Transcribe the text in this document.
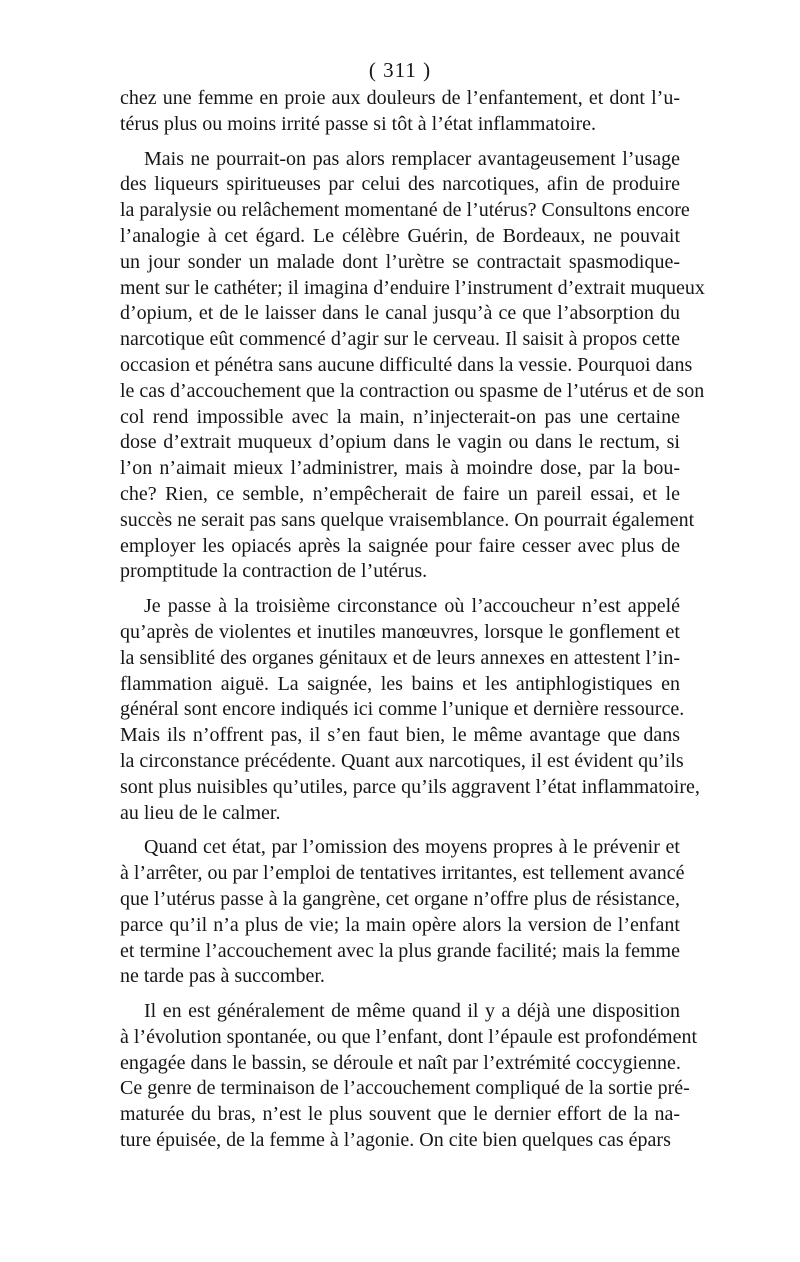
( 311 )
chez une femme en proie aux douleurs de l’enfantement, et dont l’u-
térus plus ou moins irrité passe si tôt à l’état inflammatoire.
Mais ne pourrait-on pas alors remplacer avantageusement l’usage
des liqueurs spiritueuses par celui des narcotiques, afin de produire
la paralysie ou relâchement momentané de l’utérus? Consultons encore
l’analogie à cet égard. Le célèbre Guérin, de Bordeaux, ne pouvait
un jour sonder un malade dont l’urètre se contractait spasmodique-
ment sur le cathéter; il imagina d’enduire l’instrument d’extrait muqueux
d’opium, et de le laisser dans le canal jusqu’à ce que l’absorption du
narcotique eût commencé d’agir sur le cerveau. Il saisit à propos cette
occasion et pénétra sans aucune difficulté dans la vessie. Pourquoi dans
le cas d’accouchement que la contraction ou spasme de l’utérus et de son
col rend impossible avec la main, n’injecterait-on pas une certaine
dose d’extrait muqueux d’opium dans le vagin ou dans le rectum, si
l’on n’aimait mieux l’administrer, mais à moindre dose, par la bou-
che? Rien, ce semble, n’empêcherait de faire un pareil essai, et le
succès ne serait pas sans quelque vraisemblance. On pourrait également
employer les opiacés après la saignée pour faire cesser avec plus de
promptitude la contraction de l’utérus.
Je passe à la troisième circonstance où l’accoucheur n’est appelé
qu’après de violentes et inutiles manœuvres, lorsque le gonflement et
la sensiblité des organes génitaux et de leurs annexes en attestent l’in-
flammation aiguë. La saignée, les bains et les antiphlogistiques en
général sont encore indiqués ici comme l’unique et dernière ressource.
Mais ils n’offrent pas, il s’en faut bien, le même avantage que dans
la circonstance précédente. Quant aux narcotiques, il est évident qu’ils
sont plus nuisibles qu’utiles, parce qu’ils aggravent l’état inflammatoire,
au lieu de le calmer.
Quand cet état, par l’omission des moyens propres à le prévenir et
à l’arrêter, ou par l’emploi de tentatives irritantes, est tellement avancé
que l’utérus passe à la gangrène, cet organe n’offre plus de résistance,
parce qu’il n’a plus de vie; la main opère alors la version de l’enfant
et termine l’accouchement avec la plus grande facilité; mais la femme
ne tarde pas à succomber.
Il en est généralement de même quand il y a déjà une disposition
à l’évolution spontanée, ou que l’enfant, dont l’épaule est profondément
engagée dans le bassin, se déroule et naît par l’extrémité coccygienne.
Ce genre de terminaison de l’accouchement compliqué de la sortie pré-
maturée du bras, n’est le plus souvent que le dernier effort de la na-
ture épuisée, de la femme à l’agonie. On cite bien quelques cas épars
